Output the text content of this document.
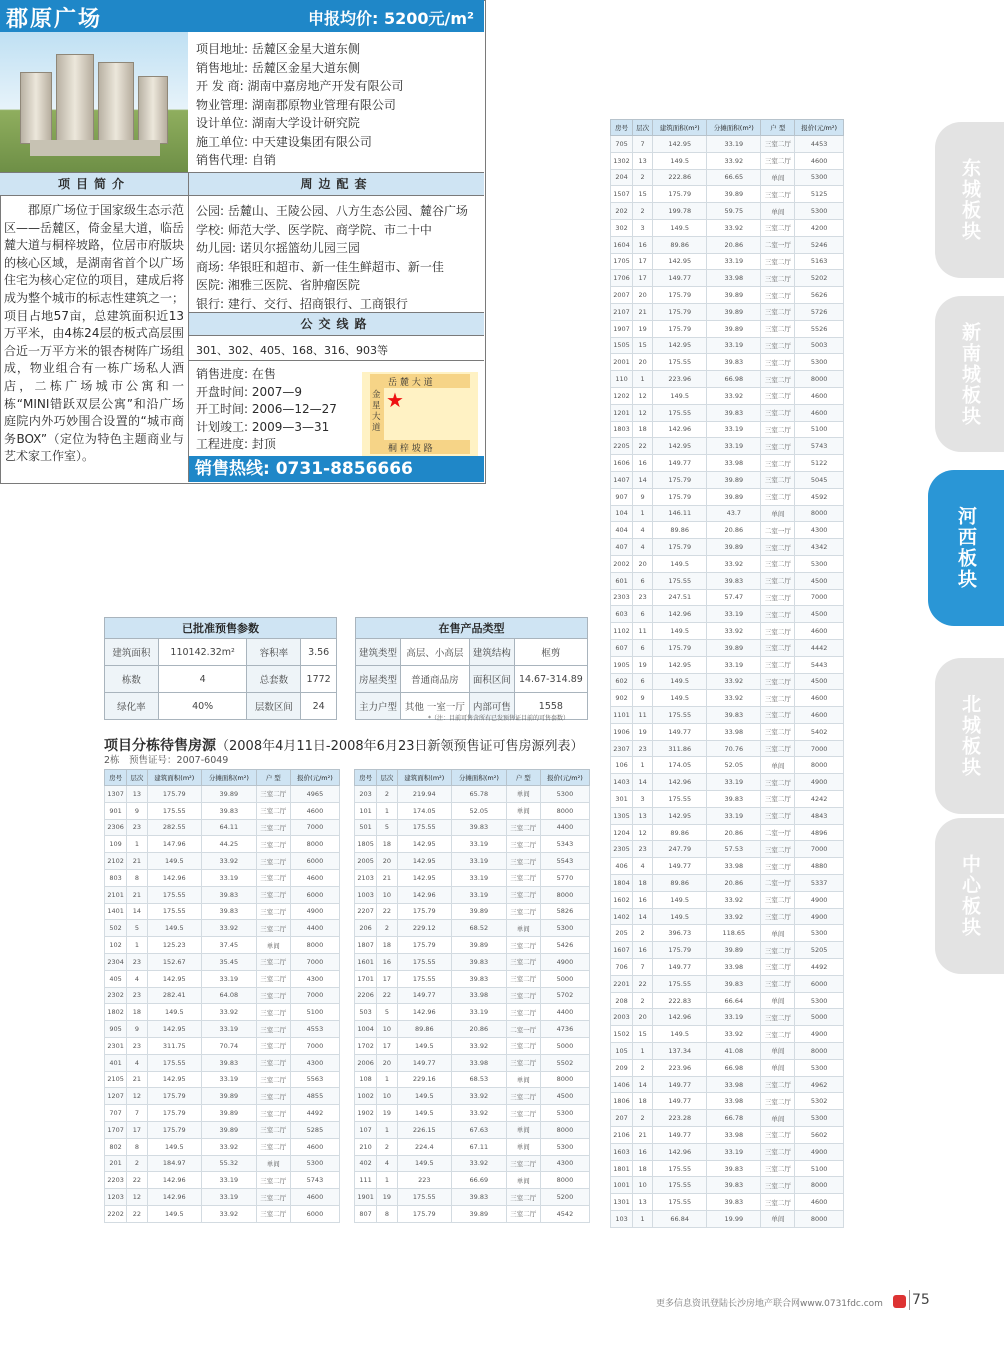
郡原广场	申报均价: 5200元/m²
项目地址: 岳麓区金星大道东侧
销售地址: 岳麓区金星大道东侧
开 发 商: 湖南中嘉房地产开发有限公司
物业管理: 湖南郡原物业管理有限公司
设计单位: 湖南大学设计研究院
施工单位: 中天建设集团有限公司
销售代理: 自销
项目简介	周边配套
郡原广场位于国家级生态示范区——岳麓区，倚金星大道，临岳麓大道与桐梓坡路，位居市府版块的核心区域，是湖南省首个以广场住宅为核心定位的项目，建成后将成为整个城市的标志性建筑之一；项目占地57亩，总建筑面积近13万平米，由4栋24层的板式高层围合近一万平方米的银杏树阵广场组成，物业组合有一栋广场私人酒店，二栋广场城市公寓和一栋“MINI错跃双层公寓”和沿广场庭院内外巧妙围合设置的“城市商务BOX”（定位为特色主题商业与艺术家工作室）。
公园: 岳麓山、王陵公园、八方生态公园、麓谷广场
学校: 师范大学、医学院、商学院、市二十中
幼儿园: 诺贝尔摇篮幼儿园三园
商场: 华银旺和超市、新一佳生鲜超市、新一佳
医院: 湘雅三医院、省肿瘤医院
银行: 建行、交行、招商银行、工商银行
公交线路
301、302、405、168、316、903等
销售进度: 在售
开盘时间: 2007—9
开工时间: 2006—12—27
计划竣工: 2009—3—31
工程进度: 封顶
岳 麓 大 道
金星大道
桐 梓 坡 路
★
销售热线: 0731-8856666
已批准预售参数			
建筑面积	110142.32m²	容积率	3.56
栋数	4	总套数	1772
绿化率	40%	层数区间	24
在售产品类型			
建筑类型	高层、小高层	建筑结构	框剪
房屋类型	普通商品房	面积区间	14.67-314.89
主力户型	其他 一室一厅	内部可售	1558
*（注：目前可售含所有已发预售证目前的可售套数）
项目分栋待售房源（2008年4月11日-2008年6月23日新领预售证可售房源列表）
2栋　预售证号：2007-6049
房号	层次	建筑面积(m²)	分摊面积(m²)	户 型	报价(元/m²)
1307	13	175.79	39.89	三室二厅	4965
901	9	175.55	39.83	三室二厅	4600
2306	23	282.55	64.11	三室二厅	7000
109	1	147.96	44.25	三室二厅	8000
2102	21	149.5	33.92	三室二厅	6000
803	8	142.96	33.19	三室二厅	4600
2101	21	175.55	39.83	三室二厅	6000
1401	14	175.55	39.83	三室二厅	4900
502	5	149.5	33.92	三室二厅	4400
102	1	125.23	37.45	单间	8000
2304	23	152.67	35.45	三室二厅	7000
405	4	142.95	33.19	三室二厅	4300
2302	23	282.41	64.08	三室二厅	7000
1802	18	149.5	33.92	三室二厅	5100
905	9	142.95	33.19	三室二厅	4553
2301	23	311.75	70.74	三室二厅	7000
401	4	175.55	39.83	三室二厅	4300
2105	21	142.95	33.19	三室二厅	5563
1207	12	175.79	39.89	三室二厅	4855
707	7	175.79	39.89	三室二厅	4492
1707	17	175.79	39.89	三室二厅	5285
802	8	149.5	33.92	三室二厅	4600
201	2	184.97	55.32	单间	5300
2203	22	142.96	33.19	三室二厅	5743
1203	12	142.96	33.19	三室二厅	4600
2202	22	149.5	33.92	三室二厅	6000
房号	层次	建筑面积(m²)	分摊面积(m²)	户 型	报价(元/m²)
203	2	219.94	65.78	单间	5300
101	1	174.05	52.05	单间	8000
501	5	175.55	39.83	三室二厅	4400
1805	18	142.95	33.19	三室二厅	5343
2005	20	142.95	33.19	三室二厅	5543
2103	21	142.95	33.19	三室二厅	5770
1003	10	142.96	33.19	三室二厅	8000
2207	22	175.79	39.89	三室二厅	5826
206	2	229.12	68.52	单间	5300
1807	18	175.79	39.89	三室二厅	5426
1601	16	175.55	39.83	三室二厅	4900
1701	17	175.55	39.83	三室二厅	5000
2206	22	149.77	33.98	三室二厅	5702
503	5	142.96	33.19	三室二厅	4400
1004	10	89.86	20.86	二室一厅	4736
1702	17	149.5	33.92	三室二厅	5000
2006	20	149.77	33.98	三室二厅	5502
108	1	229.16	68.53	单间	8000
1002	10	149.5	33.92	三室二厅	4500
1902	19	149.5	33.92	三室二厅	5300
107	1	226.15	67.63	单间	8000
210	2	224.4	67.11	单间	5300
402	4	149.5	33.92	三室二厅	4300
111	1	223	66.69	单间	8000
1901	19	175.55	39.83	三室二厅	5200
807	8	175.79	39.89	三室二厅	4542
房号	层次	建筑面积(m²)	分摊面积(m²)	户 型	报价(元/m²)
705	7	142.95	33.19	三室二厅	4453
1302	13	149.5	33.92	三室二厅	4600
204	2	222.86	66.65	单间	5300
1507	15	175.79	39.89	三室二厅	5125
202	2	199.78	59.75	单间	5300
302	3	149.5	33.92	三室二厅	4200
1604	16	89.86	20.86	二室一厅	5246
1705	17	142.95	33.19	三室二厅	5163
1706	17	149.77	33.98	三室二厅	5202
2007	20	175.79	39.89	三室二厅	5626
2107	21	175.79	39.89	三室二厅	5726
1907	19	175.79	39.89	三室二厅	5526
1505	15	142.95	33.19	三室二厅	5003
2001	20	175.55	39.83	三室二厅	5300
110	1	223.96	66.98	三室二厅	8000
1202	12	149.5	33.92	三室二厅	4600
1201	12	175.55	39.83	三室二厅	4600
1803	18	142.96	33.19	三室二厅	5100
2205	22	142.95	33.19	三室二厅	5743
1606	16	149.77	33.98	三室二厅	5122
1407	14	175.79	39.89	三室二厅	5045
907	9	175.79	39.89	三室二厅	4592
104	1	146.11	43.7	单间	8000
404	4	89.86	20.86	二室一厅	4300
407	4	175.79	39.89	三室二厅	4342
2002	20	149.5	33.92	三室二厅	5300
601	6	175.55	39.83	三室二厅	4500
2303	23	247.51	57.47	三室二厅	7000
603	6	142.96	33.19	三室二厅	4500
1102	11	149.5	33.92	三室二厅	4600
607	6	175.79	39.89	三室二厅	4442
1905	19	142.95	33.19	三室二厅	5443
602	6	149.5	33.92	三室二厅	4500
902	9	149.5	33.92	三室二厅	4600
1101	11	175.55	39.83	三室二厅	4600
1906	19	149.77	33.98	三室二厅	5402
2307	23	311.86	70.76	三室二厅	7000
106	1	174.05	52.05	单间	8000
1403	14	142.96	33.19	三室二厅	4900
301	3	175.55	39.83	三室二厅	4242
1305	13	142.95	33.19	三室二厅	4843
1204	12	89.86	20.86	二室一厅	4896
2305	23	247.79	57.53	三室二厅	7000
406	4	149.77	33.98	三室二厅	4880
1804	18	89.86	20.86	二室一厅	5337
1602	16	149.5	33.92	三室二厅	4900
1402	14	149.5	33.92	三室二厅	4900
205	2	396.73	118.65	单间	5300
1607	16	175.79	39.89	三室二厅	5205
706	7	149.77	33.98	三室二厅	4492
2201	22	175.55	39.83	三室二厅	6000
208	2	222.83	66.64	单间	5300
2003	20	142.96	33.19	三室二厅	5000
1502	15	149.5	33.92	三室二厅	4900
105	1	137.34	41.08	单间	8000
209	2	223.96	66.98	单间	5300
1406	14	149.77	33.98	三室二厅	4962
1806	18	149.77	33.98	三室二厅	5302
207	2	223.28	66.78	单间	5300
2106	21	149.77	33.98	三室二厅	5602
1603	16	142.96	33.19	三室二厅	4900
1801	18	175.55	39.83	三室二厅	5100
1001	10	175.55	39.83	三室二厅	8000
1301	13	175.55	39.83	三室二厅	4600
103	1	66.84	19.99	单间	8000
东城板块
新南城板块
河西板块
北城板块
中心板块
更多信息资讯登陆长沙房地产联合网www.0731fdc.com 75
